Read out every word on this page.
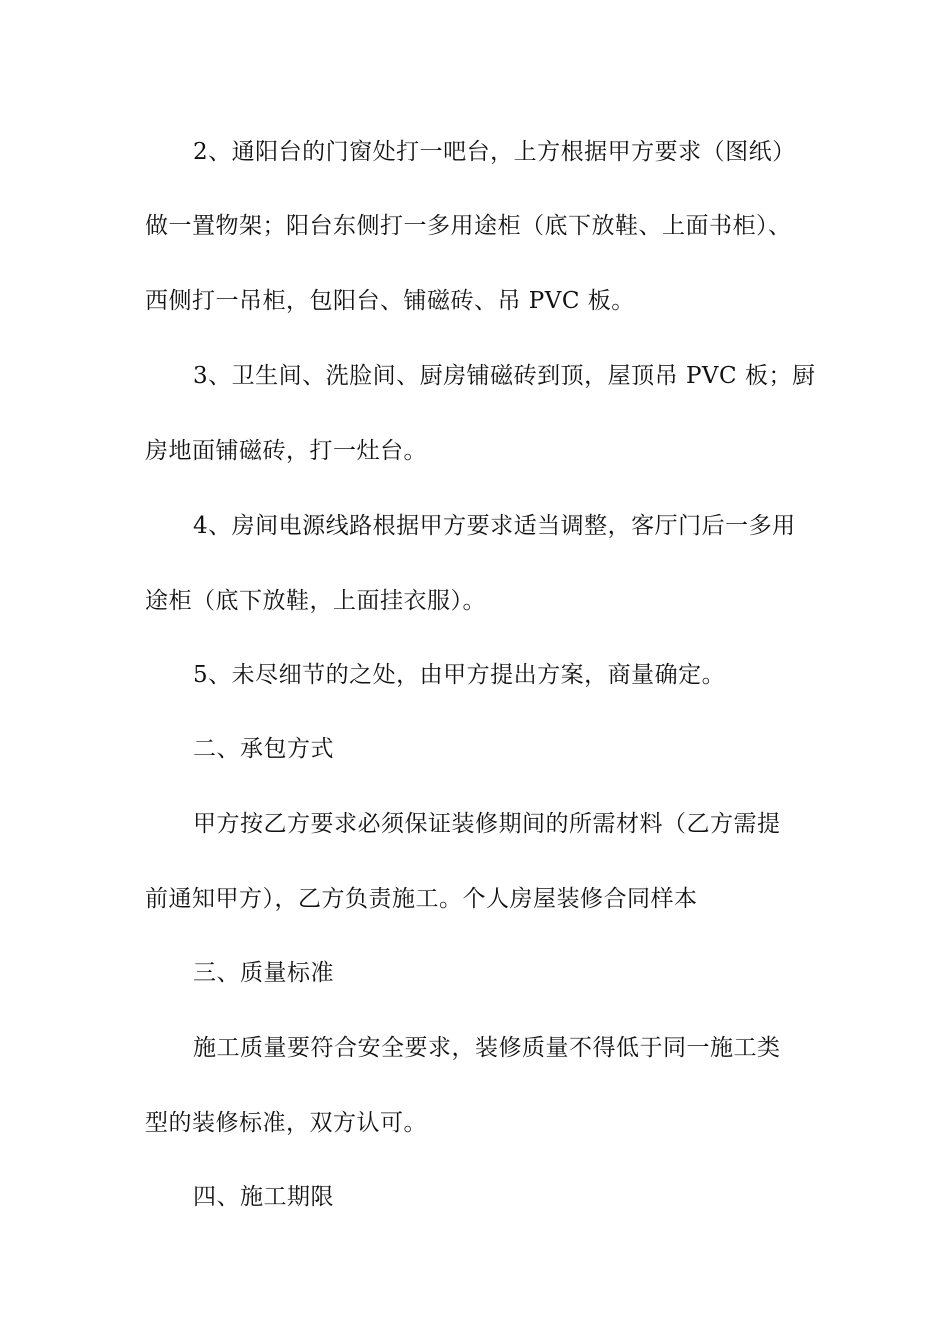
2、通阳台的门窗处打一吧台，上方根据甲方要求（图纸）
做一置物架；阳台东侧打一多用途柜（底下放鞋、上面书柜）、
西侧打一吊柜，包阳台、铺磁砖、吊 PVC 板。
3、卫生间、洗脸间、厨房铺磁砖到顶，屋顶吊 PVC 板；厨
房地面铺磁砖，打一灶台。
4、房间电源线路根据甲方要求适当调整，客厅门后一多用
途柜（底下放鞋，上面挂衣服）。
5、未尽细节的之处，由甲方提出方案，商量确定。
二、承包方式
甲方按乙方要求必须保证装修期间的所需材料（乙方需提
前通知甲方），乙方负责施工。个人房屋装修合同样本
三、质量标准
施工质量要符合安全要求，装修质量不得低于同一施工类
型的装修标准，双方认可。
四、施工期限
